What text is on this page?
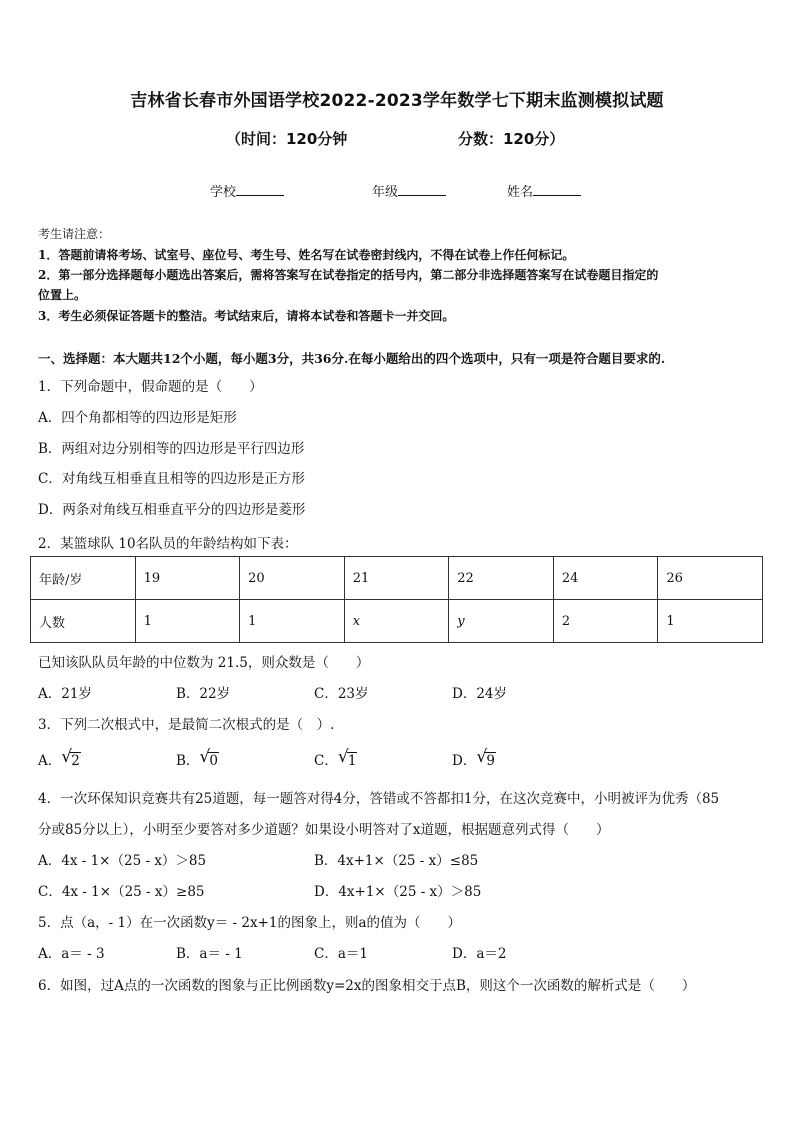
吉林省长春市外国语学校2022-2023学年数学七下期末监测模拟试题
（时间：120分钟	分数：120分）
学校	年级	姓名
考生请注意：
1．答题前请将考场、试室号、座位号、考生号、姓名写在试卷密封线内，不得在试卷上作任何标记。
2．第一部分选择题每小题选出答案后，需将答案写在试卷指定的括号内，第二部分非选择题答案写在试卷题目指定的
位置上。
3．考生必须保证答题卡的整洁。考试结束后，请将本试卷和答题卡一并交回。
一、选择题：本大题共12个小题，每小题3分，共36分.在每小题给出的四个选项中，只有一项是符合题目要求的.
1．下列命题中，假命题的是（　　）
A．四个角都相等的四边形是矩形
B．两组对边分别相等的四边形是平行四边形
C．对角线互相垂直且相等的四边形是正方形
D．两条对角线互相垂直平分的四边形是菱形
2．某篮球队 10名队员的年龄结构如下表：
年龄/岁	19	20	21	22	24	26
人数	1	1	x	y	2	1
已知该队队员年龄的中位数为 21.5，则众数是（　　）
A．21岁	B．22岁	C．23岁	D．24岁
3．下列二次根式中，是最简二次根式的是（　）.
A． √ 2	B． √ 0	C． √ 1	D． √ 9
4．一次环保知识竞赛共有25道题，每一题答对得4分，答错或不答都扣1分，在这次竞赛中，小明被评为优秀（85
分或85分以上），小明至少要答对多少道题？如果设小明答对了x道题，根据题意列式得（　　）
A．4x - 1×（25 - x）＞85	B．4x+1×（25 - x）≤85
C．4x - 1×（25 - x）≥85	D．4x+1×（25 - x）＞85
5．点（a，- 1）在一次函数y＝ - 2x+1的图象上，则a的值为（　　）
A．a＝ - 3	B．a＝ - 1	C．a＝1	D．a＝2
6．如图，过A点的一次函数的图象与正比例函数y=2x的图象相交于点B，则这个一次函数的解析式是（　　）
